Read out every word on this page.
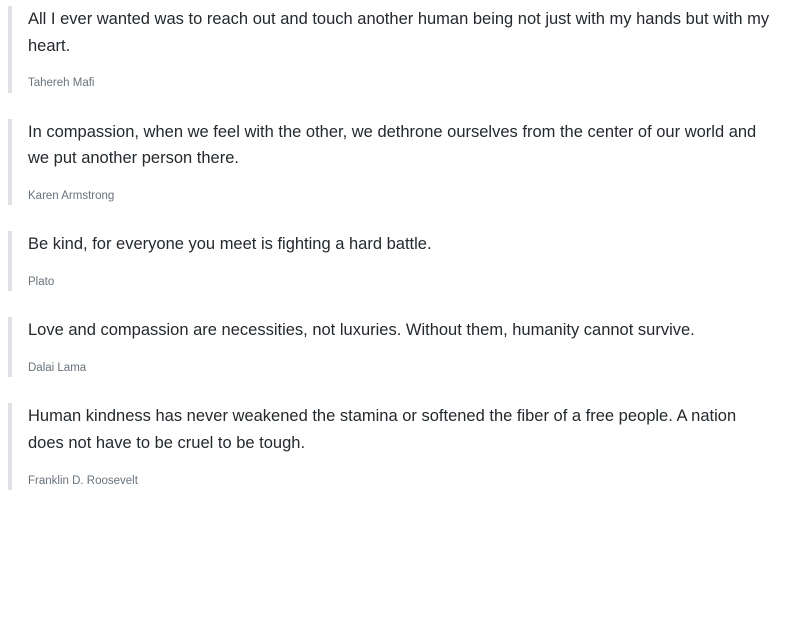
All I ever wanted was to reach out and touch another human being not just with my hands but with my heart.

Tahereh Mafi

In compassion, when we feel with the other, we dethrone ourselves from the center of our world and we put another person there.

Karen Armstrong

Be kind, for everyone you meet is fighting a hard battle.

Plato

Love and compassion are necessities, not luxuries. Without them, humanity cannot survive.

Dalai Lama

Human kindness has never weakened the stamina or softened the fiber of a free people. A nation does not have to be cruel to be tough.

Franklin D. Roosevelt
